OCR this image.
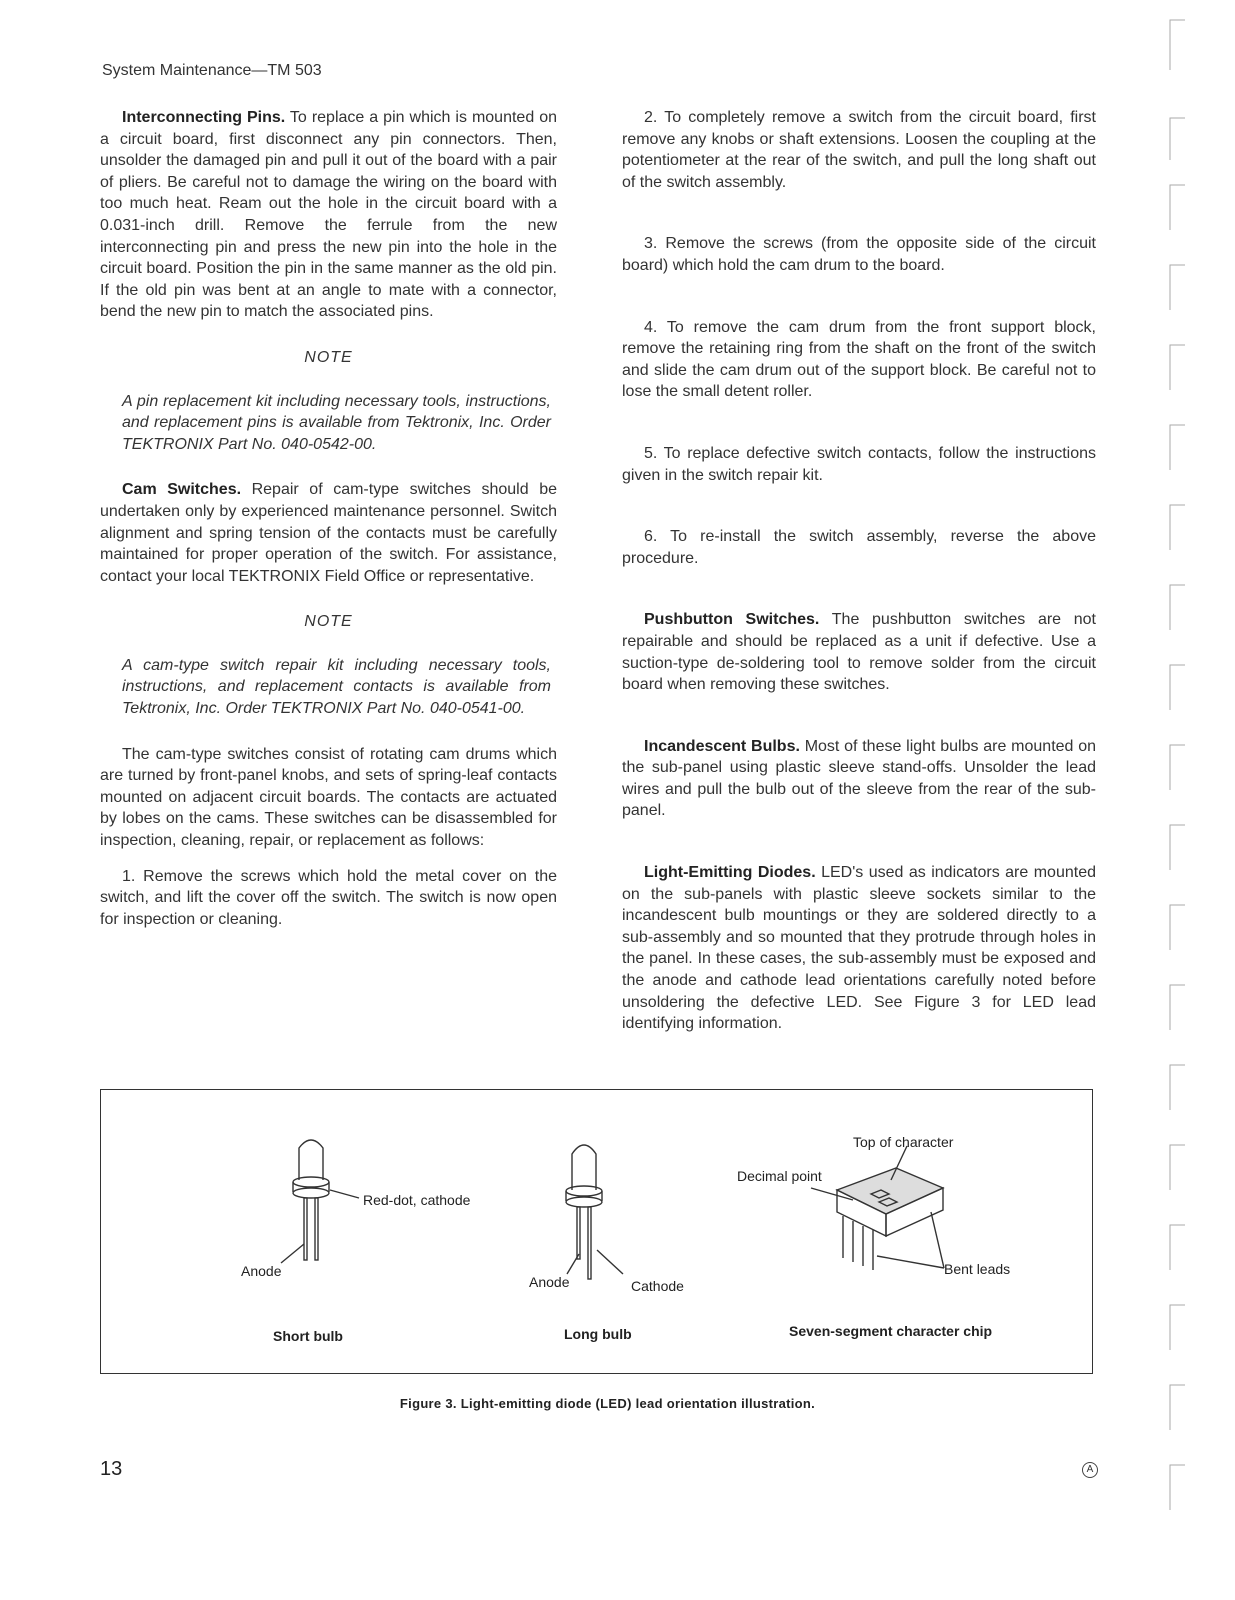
System Maintenance—TM 503

Interconnecting Pins. To replace a pin which is mounted on a circuit board, first disconnect any pin connectors. Then, unsolder the damaged pin and pull it out of the board with a pair of pliers. Be careful not to damage the wiring on the board with too much heat. Ream out the hole in the circuit board with a 0.031-inch drill. Remove the ferrule from the new interconnecting pin and press the new pin into the hole in the circuit board. Position the pin in the same manner as the old pin. If the old pin was bent at an angle to mate with a connector, bend the new pin to match the associated pins.

NOTE

A pin replacement kit including necessary tools, instructions, and replacement pins is available from Tektronix, Inc. Order TEKTRONIX Part No. 040-0542-00.

Cam Switches. Repair of cam-type switches should be undertaken only by experienced maintenance personnel. Switch alignment and spring tension of the contacts must be carefully maintained for proper operation of the switch. For assistance, contact your local TEKTRONIX Field Office or representative.

NOTE

A cam-type switch repair kit including necessary tools, instructions, and replacement contacts is available from Tektronix, Inc. Order TEKTRONIX Part No. 040-0541-00.

The cam-type switches consist of rotating cam drums which are turned by front-panel knobs, and sets of spring-leaf contacts mounted on adjacent circuit boards. The contacts are actuated by lobes on the cams. These switches can be disassembled for inspection, cleaning, repair, or replacement as follows:

1. Remove the screws which hold the metal cover on the switch, and lift the cover off the switch. The switch is now open for inspection or cleaning.

2. To completely remove a switch from the circuit board, first remove any knobs or shaft extensions. Loosen the coupling at the potentiometer at the rear of the switch, and pull the long shaft out of the switch assembly.

3. Remove the screws (from the opposite side of the circuit board) which hold the cam drum to the board.

4. To remove the cam drum from the front support block, remove the retaining ring from the shaft on the front of the switch and slide the cam drum out of the support block. Be careful not to lose the small detent roller.

5. To replace defective switch contacts, follow the instructions given in the switch repair kit.

6. To re-install the switch assembly, reverse the above procedure.

Pushbutton Switches. The pushbutton switches are not repairable and should be replaced as a unit if defective. Use a suction-type de-soldering tool to remove solder from the circuit board when removing these switches.

Incandescent Bulbs. Most of these light bulbs are mounted on the sub-panel using plastic sleeve stand-offs. Unsolder the lead wires and pull the bulb out of the sleeve from the rear of the sub-panel.

Light-Emitting Diodes. LED's used as indicators are mounted on the sub-panels with plastic sleeve sockets similar to the incandescent bulb mountings or they are soldered directly to a sub-assembly and so mounted that they protrude through holes in the panel. In these cases, the sub-assembly must be exposed and the anode and cathode lead orientations carefully noted before unsoldering the defective LED. See Figure 3 for LED lead identifying information.

Red-dot, cathode
Anode
Short bulb
Anode	Cathode
Long bulb
Top of character
Decimal point
Bent leads
Seven-segment character chip
Figure 3. Light-emitting diode (LED) lead orientation illustration.
13	A
